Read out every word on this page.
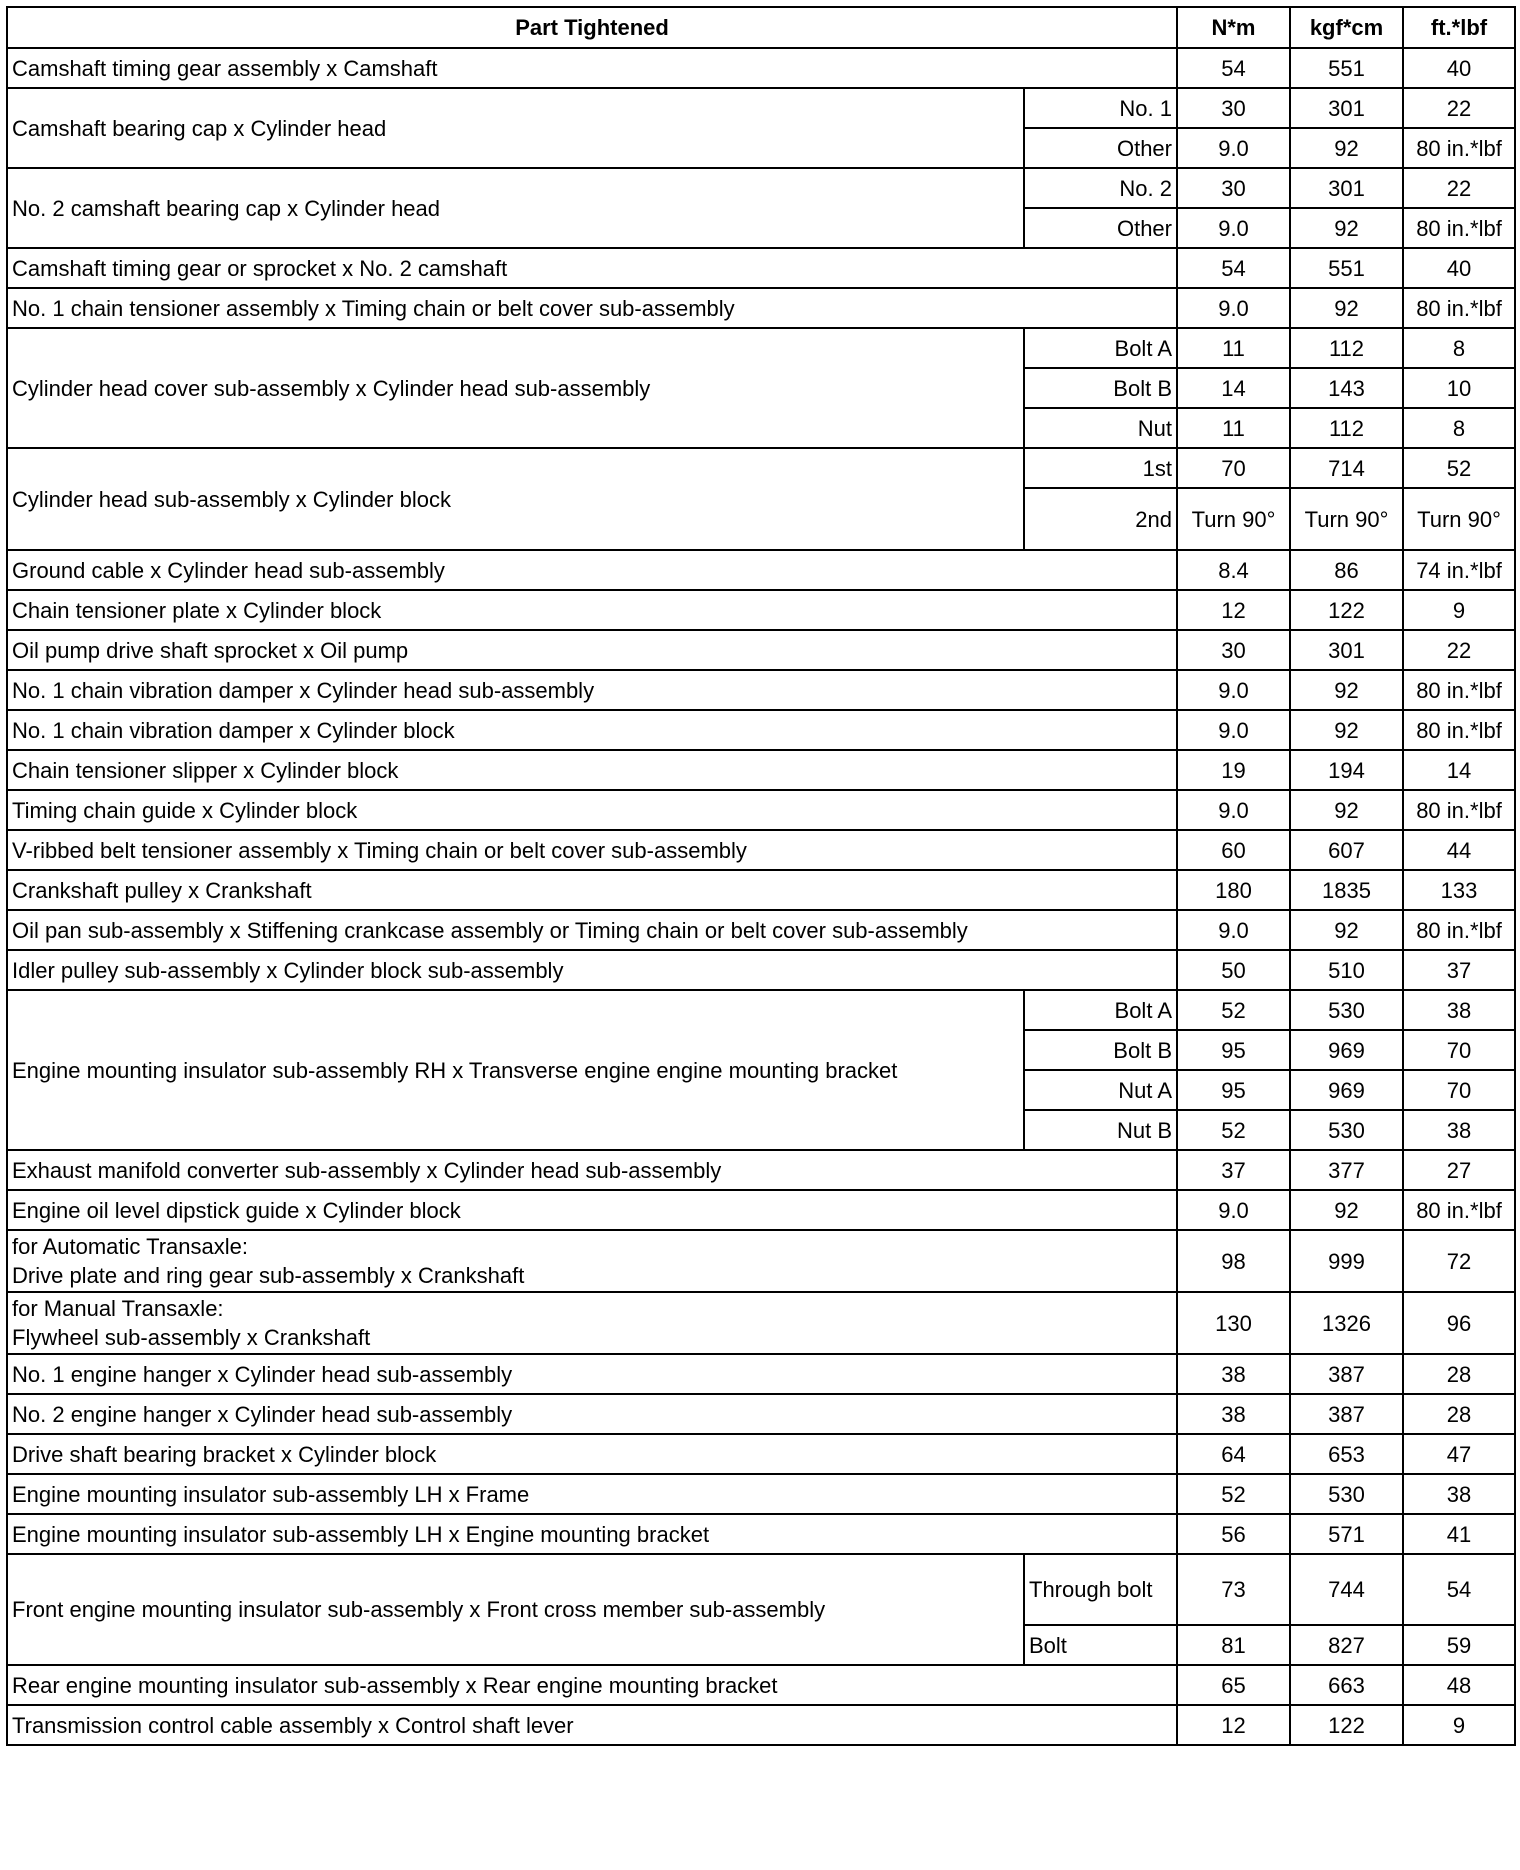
Part Tightened		N*m	kgf*cm	ft.*lbf
Camshaft timing gear assembly x Camshaft		54	551	40
Camshaft bearing cap x Cylinder head	No. 1	30	301	22
	Other	9.0	92	80 in.*lbf
No. 2 camshaft bearing cap x Cylinder head	No. 2	30	301	22
	Other	9.0	92	80 in.*lbf
Camshaft timing gear or sprocket x No. 2 camshaft		54	551	40
No. 1 chain tensioner assembly x Timing chain or belt cover sub-assembly		9.0	92	80 in.*lbf
Cylinder head cover sub-assembly x Cylinder head sub-assembly	Bolt A	11	112	8
	Bolt B	14	143	10
	Nut	11	112	8
Cylinder head sub-assembly x Cylinder block	1st	70	714	52
	2nd	Turn 90°	Turn 90°	Turn 90°
Ground cable x Cylinder head sub-assembly		8.4	86	74 in.*lbf
Chain tensioner plate x Cylinder block		12	122	9
Oil pump drive shaft sprocket x Oil pump		30	301	22
No. 1 chain vibration damper x Cylinder head sub-assembly		9.0	92	80 in.*lbf
No. 1 chain vibration damper x Cylinder block		9.0	92	80 in.*lbf
Chain tensioner slipper x Cylinder block		19	194	14
Timing chain guide x Cylinder block		9.0	92	80 in.*lbf
V-ribbed belt tensioner assembly x Timing chain or belt cover sub-assembly		60	607	44
Crankshaft pulley x Crankshaft		180	1835	133
Oil pan sub-assembly x Stiffening crankcase assembly or Timing chain or belt cover sub-assembly		9.0	92	80 in.*lbf
Idler pulley sub-assembly x Cylinder block sub-assembly		50	510	37
Engine mounting insulator sub-assembly RH x Transverse engine engine mounting bracket	Bolt A	52	530	38
	Bolt B	95	969	70
	Nut A	95	969	70
	Nut B	52	530	38
Exhaust manifold converter sub-assembly x Cylinder head sub-assembly		37	377	27
Engine oil level dipstick guide x Cylinder block		9.0	92	80 in.*lbf
for Automatic Transaxle:
Drive plate and ring gear sub-assembly x Crankshaft		98	999	72
for Manual Transaxle:
Flywheel sub-assembly x Crankshaft		130	1326	96
No. 1 engine hanger x Cylinder head sub-assembly		38	387	28
No. 2 engine hanger x Cylinder head sub-assembly		38	387	28
Drive shaft bearing bracket x Cylinder block		64	653	47
Engine mounting insulator sub-assembly LH x Frame		52	530	38
Engine mounting insulator sub-assembly LH x Engine mounting bracket		56	571	41
Front engine mounting insulator sub-assembly x Front cross member sub-assembly	Through bolt	73	744	54
	Bolt	81	827	59
Rear engine mounting insulator sub-assembly x Rear engine mounting bracket		65	663	48
Transmission control cable assembly x Control shaft lever		12	122	9
